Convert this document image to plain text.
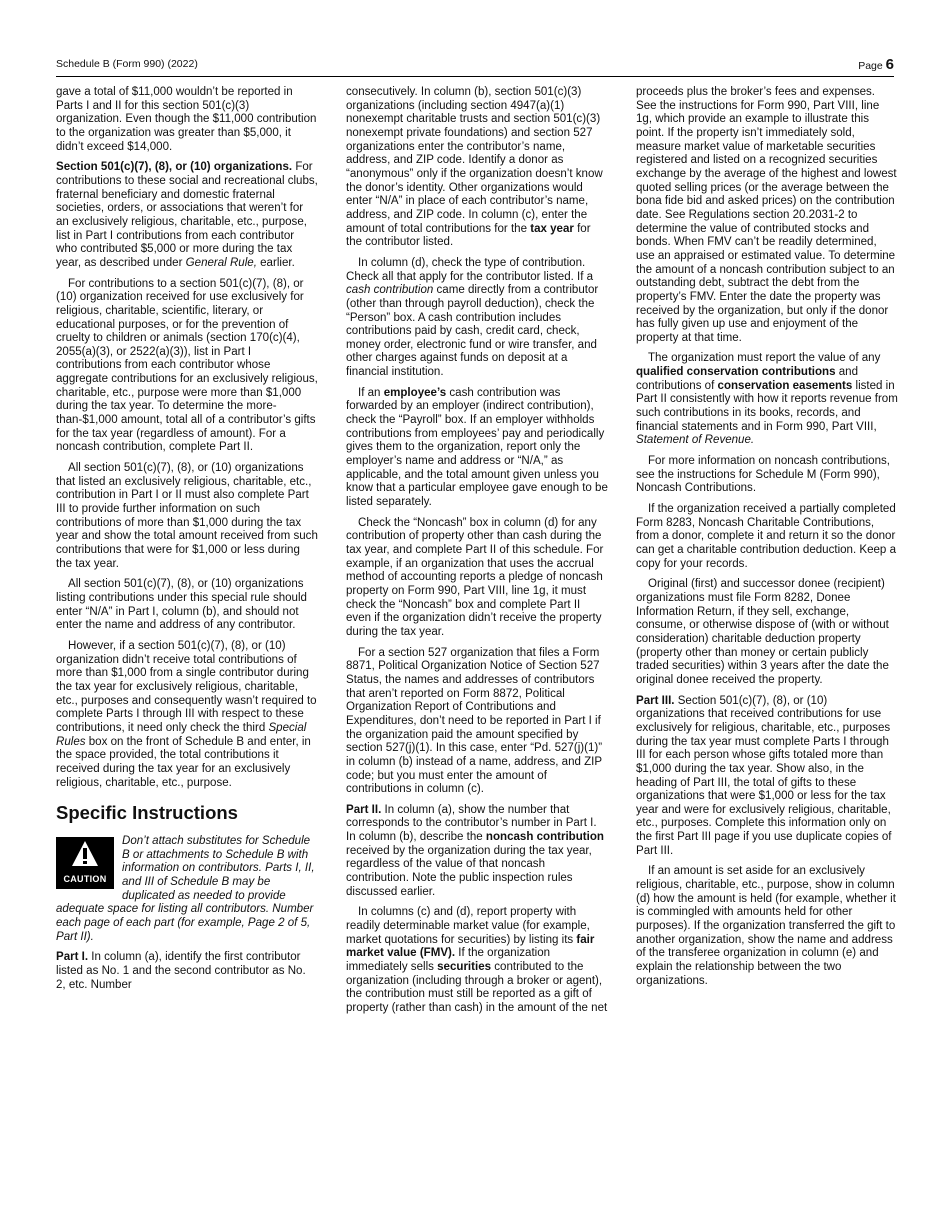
Schedule B (Form 990) (2022)	Page 6

gave a total of $11,000 wouldn’t be reported in Parts I and II for this section 501(c)(3) organization. Even though the $11,000 contribution to the organization was greater than $5,000, it didn’t exceed $14,000.

Section 501(c)(7), (8), or (10) organizations. For contributions to these social and recreational clubs, fraternal beneficiary and domestic fraternal societies, orders, or associations that weren’t for an exclusively religious, charitable, etc., purpose, list in Part I contributions from each contributor who contributed $5,000 or more during the tax year, as described under General Rule, earlier.

For contributions to a section 501(c)(7), (8), or (10) organization received for use exclusively for religious, charitable, scientific, literary, or educational purposes, or for the prevention of cruelty to children or animals (section 170(c)(4), 2055(a)(3), or 2522(a)(3)), list in Part I contributions from each contributor whose aggregate contributions for an exclusively religious, charitable, etc., purpose were more than $1,000 during the tax year. To determine the more-than-$1,000 amount, total all of a contributor’s gifts for the tax year (regardless of amount). For a noncash contribution, complete Part II.

All section 501(c)(7), (8), or (10) organizations that listed an exclusively religious, charitable, etc., contribution in Part I or II must also complete Part III to provide further information on such contributions of more than $1,000 during the tax year and show the total amount received from such contributions that were for $1,000 or less during the tax year.

All section 501(c)(7), (8), or (10) organizations listing contributions under this special rule should enter “N/A” in Part I, column (b), and should not enter the name and address of any contributor.

However, if a section 501(c)(7), (8), or (10) organization didn’t receive total contributions of more than $1,000 from a single contributor during the tax year for exclusively religious, charitable, etc., purposes and consequently wasn’t required to complete Parts I through III with respect to these contributions, it need only check the third Special Rules box on the front of Schedule B and enter, in the space provided, the total contributions it received during the tax year for an exclusively religious, charitable, etc., purpose.

Specific Instructions
CAUTION
Don’t attach substitutes for Schedule B or attachments to Schedule B with information on contributors. Parts I, II, and III of Schedule B may be duplicated as needed to provide adequate space for listing all contributors. Number each page of each part (for example, Page 2 of 5, Part II).

Part I. In column (a), identify the first contributor listed as No. 1 and the second contributor as No. 2, etc. Number

consecutively. In column (b), section 501(c)(3) organizations (including section 4947(a)(1) nonexempt charitable trusts and section 501(c)(3) nonexempt private foundations) and section 527 organizations enter the contributor’s name, address, and ZIP code. Identify a donor as “anonymous” only if the organization doesn’t know the donor’s identity. Other organizations would enter “N/A” in place of each contributor’s name, address, and ZIP code. In column (c), enter the amount of total contributions for the tax year for the contributor listed.

In column (d), check the type of contribution. Check all that apply for the contributor listed. If a cash contribution came directly from a contributor (other than through payroll deduction), check the “Person” box. A cash contribution includes contributions paid by cash, credit card, check, money order, electronic fund or wire transfer, and other charges against funds on deposit at a financial institution.

If an employee’s cash contribution was forwarded by an employer (indirect contribution), check the “Payroll” box. If an employer withholds contributions from employees’ pay and periodically gives them to the organization, report only the employer’s name and address or “N/A,” as applicable, and the total amount given unless you know that a particular employee gave enough to be listed separately.

Check the “Noncash” box in column (d) for any contribution of property other than cash during the tax year, and complete Part II of this schedule. For example, if an organization that uses the accrual method of accounting reports a pledge of noncash property on Form 990, Part VIII, line 1g, it must check the “Noncash” box and complete Part II even if the organization didn’t receive the property during the tax year.

For a section 527 organization that files a Form 8871, Political Organization Notice of Section 527 Status, the names and addresses of contributors that aren’t reported on Form 8872, Political Organization Report of Contributions and Expenditures, don’t need to be reported in Part I if the organization paid the amount specified by section 527(j)(1). In this case, enter “Pd. 527(j)(1)” in column (b) instead of a name, address, and ZIP code; but you must enter the amount of contributions in column (c).

Part II. In column (a), show the number that corresponds to the contributor’s number in Part I. In column (b), describe the noncash contribution received by the organization during the tax year, regardless of the value of that noncash contribution. Note the public inspection rules discussed earlier.

In columns (c) and (d), report property with readily determinable market value (for example, market quotations for securities) by listing its fair market value (FMV). If the organization immediately sells securities contributed to the organization (including through a broker or agent), the contribution must still be reported as a gift of property (rather than cash) in the amount of the net

proceeds plus the broker’s fees and expenses. See the instructions for Form 990, Part VIII, line 1g, which provide an example to illustrate this point. If the property isn’t immediately sold, measure market value of marketable securities registered and listed on a recognized securities exchange by the average of the highest and lowest quoted selling prices (or the average between the bona fide bid and asked prices) on the contribution date. See Regulations section 20.2031-2 to determine the value of contributed stocks and bonds. When FMV can’t be readily determined, use an appraised or estimated value. To determine the amount of a noncash contribution subject to an outstanding debt, subtract the debt from the property’s FMV. Enter the date the property was received by the organization, but only if the donor has fully given up use and enjoyment of the property at that time.

The organization must report the value of any qualified conservation contributions and contributions of conservation easements listed in Part II consistently with how it reports revenue from such contributions in its books, records, and financial statements and in Form 990, Part VIII, Statement of Revenue.

For more information on noncash contributions, see the instructions for Schedule M (Form 990), Noncash Contributions.

If the organization received a partially completed Form 8283, Noncash Charitable Contributions, from a donor, complete it and return it so the donor can get a charitable contribution deduction. Keep a copy for your records.

Original (first) and successor donee (recipient) organizations must file Form 8282, Donee Information Return, if they sell, exchange, consume, or otherwise dispose of (with or without consideration) charitable deduction property (property other than money or certain publicly traded securities) within 3 years after the date the original donee received the property.

Part III. Section 501(c)(7), (8), or (10) organizations that received contributions for use exclusively for religious, charitable, etc., purposes during the tax year must complete Parts I through III for each person whose gifts totaled more than $1,000 during the tax year. Show also, in the heading of Part III, the total of gifts to these organizations that were $1,000 or less for the tax year and were for exclusively religious, charitable, etc., purposes. Complete this information only on the first Part III page if you use duplicate copies of Part III.

If an amount is set aside for an exclusively religious, charitable, etc., purpose, show in column (d) how the amount is held (for example, whether it is commingled with amounts held for other purposes). If the organization transferred the gift to another organization, show the name and address of the transferee organization in column (e) and explain the relationship between the two organizations.
